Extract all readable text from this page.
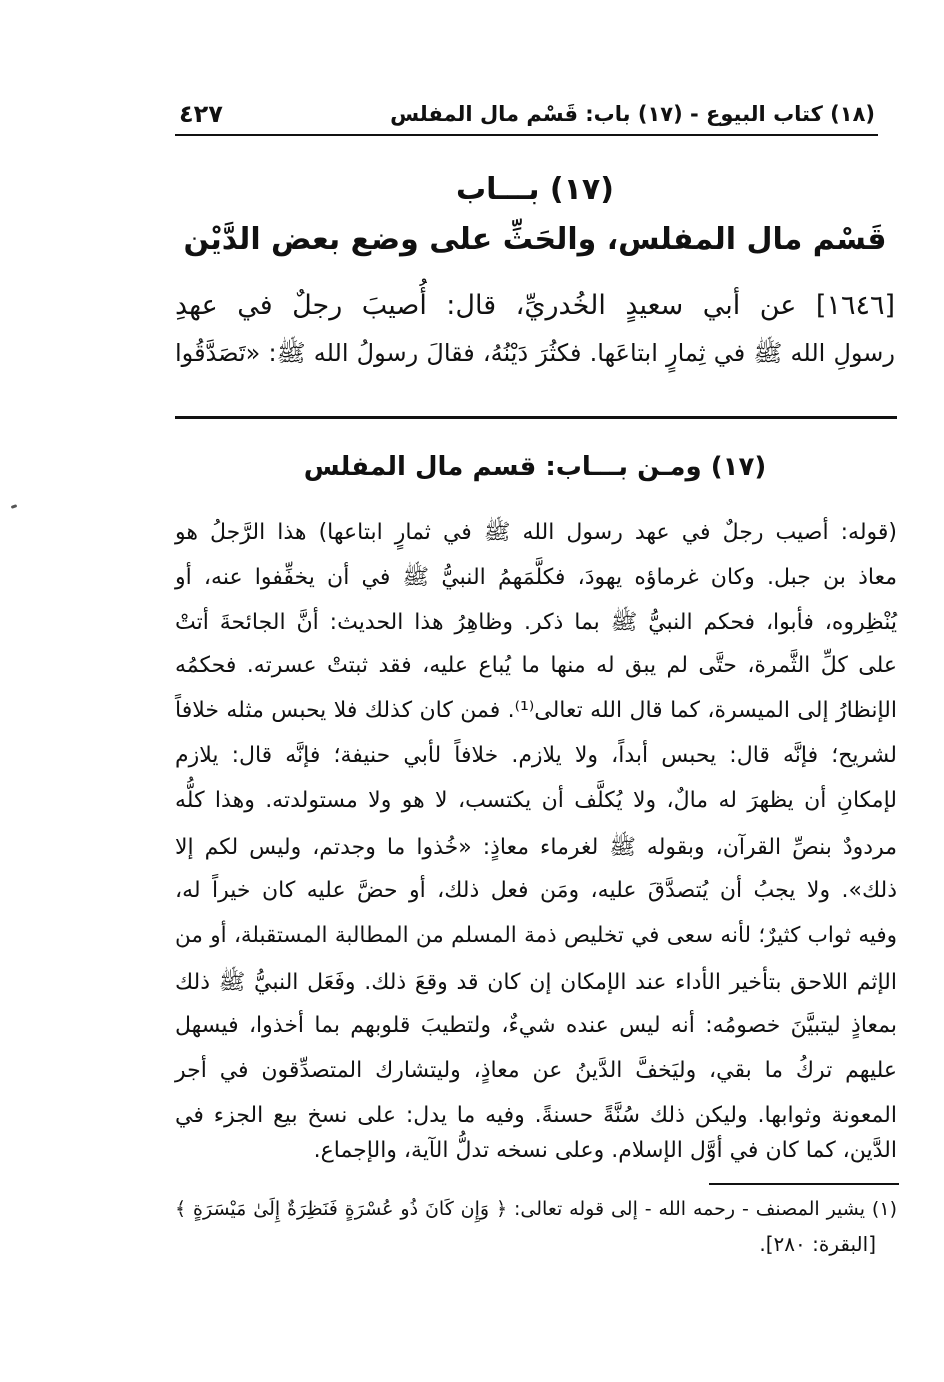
(١٨) كتاب البيوع - (١٧) باب: قَسْم مال المفلس
٤٢٧
(١٧) بـــاب
قَسْم مال المفلس، والحَثِّ على وضع بعض الدَّيْن
[١٦٤٦] عن أبي سعيدٍ الخُدريِّ، قال: أُصيبَ رجلٌ في عهدِ
رسولِ الله ﷺ في ثِمارٍ ابتاعَها. فكثُرَ دَيْنُهُ، فقالَ رسولُ الله ﷺ: «تَصَدَّقُوا
(١٧) ومـن بـــاب: قسم مال المفلس
(قوله: أصيب رجلٌ في عهد رسول الله ﷺ في ثمارٍ ابتاعها) هذا الرَّجلُ هو
معاذ بن جبل. وكان غرماؤه يهودَ، فكلَّمَهمُ النبيُّ ﷺ في أن يخفِّفوا عنه، أو
يُنْظِروه، فأبوا، فحكم النبيُّ ﷺ بما ذكر. وظاهِرُ هذا الحديث: أنَّ الجائحةَ أتتْ
على كلِّ الثَّمرة، حتَّى لم يبق له منها ما يُباع عليه، فقد ثبتتْ عسرته. فحكمُه
الإنظارُ إلى الميسرة، كما قال الله تعالى⁽¹⁾. فمن كان كذلك فلا يحبس مثله خلافاً
لشريح؛ فإنَّه قال: يحبس أبداً، ولا يلازم. خلافاً لأبي حنيفة؛ فإنَّه قال: يلازم
لإمكانِ أن يظهرَ له مالٌ، ولا يُكلَّف أن يكتسب، لا هو ولا مستولدته. وهذا كلُّه
مردودٌ بنصِّ القرآن، وبقوله ﷺ لغرماء معاذٍ: «خُذوا ما وجدتم، وليس لكم إلا
ذلك». ولا يجبُ أن يُتصدَّقَ عليه، ومَن فعل ذلك، أو حضَّ عليه كان خيراً له،
وفيه ثواب كثيرٌ؛ لأنه سعى في تخليص ذمة المسلم من المطالبة المستقبلة، أو من
الإثم اللاحق بتأخير الأداء عند الإمكان إن كان قد وقعَ ذلك. وفَعَل النبيُّ ﷺ ذلك
بمعاذٍ ليتبيَّنَ خصومُه: أنه ليس عنده شيءٌ، ولتطيبَ قلوبهم بما أخذوا، فيسهل
عليهم تركُ ما بقي، وليَخفَّ الدَّينُ عن معاذٍ، وليتشارك المتصدِّقون في أجر
المعونة وثوابها. وليكن ذلك سُنَّةً حسنةً. وفيه ما يدل: على نسخ بيع الجزء في
الدَّين، كما كان في أوَّل الإسلام. وعلى نسخه تدلُّ الآية، والإجماع.
(١) يشير المصنف - رحمه الله - إلى قوله تعالى: ﴿ وَإِن كَانَ ذُو عُسْرَةٍ فَنَظِرَةٌ إِلَىٰ مَيْسَرَةٍ ﴾
[البقرة: ٢٨٠].
